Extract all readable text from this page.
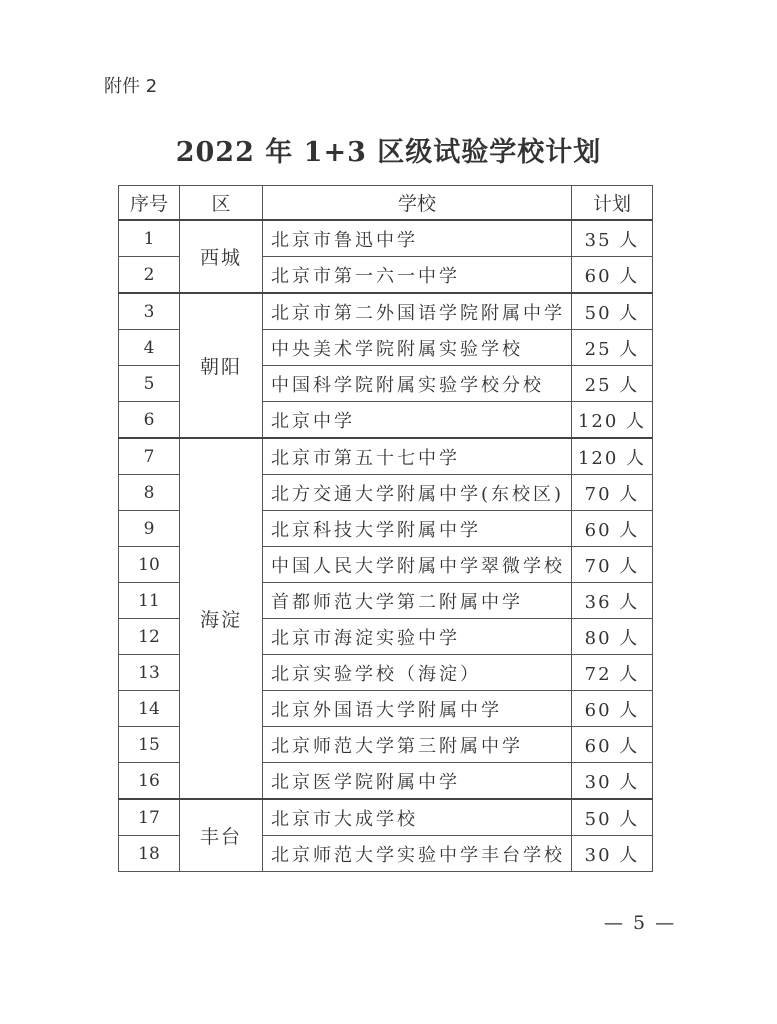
附件 2
2022 年 1+3 区级试验学校计划
序号	区	学校	计划
1	西城	北京市鲁迅中学	35 人
2		北京市第一六一中学	60 人
3	朝阳	北京市第二外国语学院附属中学	50 人
4		中央美术学院附属实验学校	25 人
5		中国科学院附属实验学校分校	25 人
6		北京中学	120 人
7	海淀	北京市第五十七中学	120 人
8		北方交通大学附属中学(东校区)	70 人
9		北京科技大学附属中学	60 人
10		中国人民大学附属中学翠微学校	70 人
11		首都师范大学第二附属中学	36 人
12		北京市海淀实验中学	80 人
13		北京实验学校（海淀）	72 人
14		北京外国语大学附属中学	60 人
15		北京师范大学第三附属中学	60 人
16		北京医学院附属中学	30 人
17	丰台	北京市大成学校	50 人
18		北京师范大学实验中学丰台学校	30 人
— 5 —
